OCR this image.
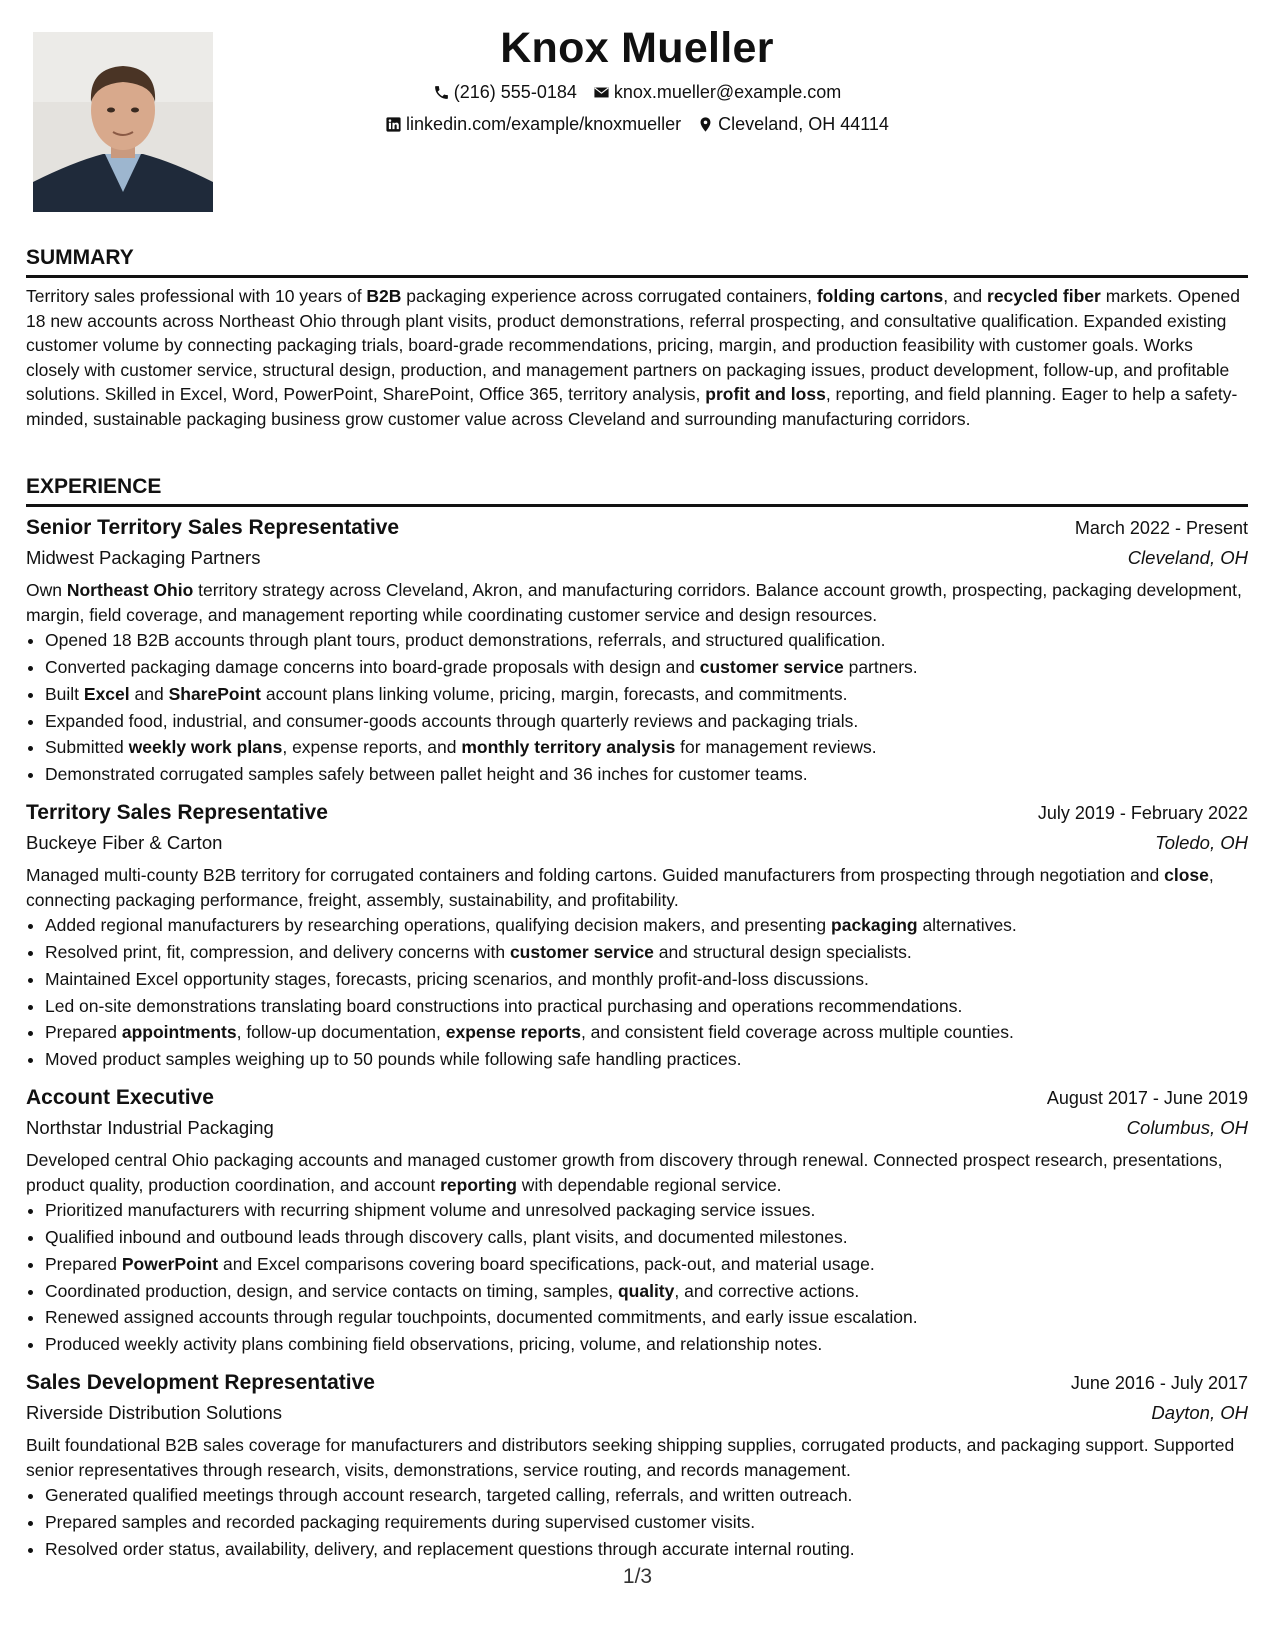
Knox Mueller
(216) 555-0184 knox.mueller@example.com
linkedin.com/example/knoxmueller Cleveland, OH 44114
SUMMARY

Territory sales professional with 10 years of B2B packaging experience across corrugated containers, folding cartons, and recycled fiber markets. Opened 18 new accounts across Northeast Ohio through plant visits, product demonstrations, referral prospecting, and consultative qualification. Expanded existing customer volume by connecting packaging trials, board-grade recommendations, pricing, margin, and production feasibility with customer goals. Works closely with customer service, structural design, production, and management partners on packaging issues, product development, follow-up, and profitable solutions. Skilled in Excel, Word, PowerPoint, SharePoint, Office 365, territory analysis, profit and loss, reporting, and field planning. Eager to help a safety-minded, sustainable packaging business grow customer value across Cleveland and surrounding manufacturing corridors.

EXPERIENCE
Senior Territory Sales Representative	March 2022 - Present
Midwest Packaging Partners	Cleveland, OH

Own Northeast Ohio territory strategy across Cleveland, Akron, and manufacturing corridors. Balance account growth, prospecting, packaging development, margin, field coverage, and management reporting while coordinating customer service and design resources.

• Opened 18 B2B accounts through plant tours, product demonstrations, referrals, and structured qualification.
• Converted packaging damage concerns into board-grade proposals with design and customer service partners.
• Built Excel and SharePoint account plans linking volume, pricing, margin, forecasts, and commitments.
• Expanded food, industrial, and consumer-goods accounts through quarterly reviews and packaging trials.
• Submitted weekly work plans, expense reports, and monthly territory analysis for management reviews.
• Demonstrated corrugated samples safely between pallet height and 36 inches for customer teams.
Territory Sales Representative	July 2019 - February 2022
Buckeye Fiber & Carton	Toledo, OH

Managed multi-county B2B territory for corrugated containers and folding cartons. Guided manufacturers from prospecting through negotiation and close, connecting packaging performance, freight, assembly, sustainability, and profitability.

• Added regional manufacturers by researching operations, qualifying decision makers, and presenting packaging alternatives.
• Resolved print, fit, compression, and delivery concerns with customer service and structural design specialists.
• Maintained Excel opportunity stages, forecasts, pricing scenarios, and monthly profit-and-loss discussions.
• Led on-site demonstrations translating board constructions into practical purchasing and operations recommendations.
• Prepared appointments, follow-up documentation, expense reports, and consistent field coverage across multiple counties.
• Moved product samples weighing up to 50 pounds while following safe handling practices.
Account Executive	August 2017 - June 2019
Northstar Industrial Packaging	Columbus, OH

Developed central Ohio packaging accounts and managed customer growth from discovery through renewal. Connected prospect research, presentations, product quality, production coordination, and account reporting with dependable regional service.

• Prioritized manufacturers with recurring shipment volume and unresolved packaging service issues.
• Qualified inbound and outbound leads through discovery calls, plant visits, and documented milestones.
• Prepared PowerPoint and Excel comparisons covering board specifications, pack-out, and material usage.
• Coordinated production, design, and service contacts on timing, samples, quality, and corrective actions.
• Renewed assigned accounts through regular touchpoints, documented commitments, and early issue escalation.
• Produced weekly activity plans combining field observations, pricing, volume, and relationship notes.
Sales Development Representative	June 2016 - July 2017
Riverside Distribution Solutions	Dayton, OH

Built foundational B2B sales coverage for manufacturers and distributors seeking shipping supplies, corrugated products, and packaging support. Supported senior representatives through research, visits, demonstrations, service routing, and records management.

• Generated qualified meetings through account research, targeted calling, referrals, and written outreach.
• Prepared samples and recorded packaging requirements during supervised customer visits.
• Resolved order status, availability, delivery, and replacement questions through accurate internal routing.
1/3
